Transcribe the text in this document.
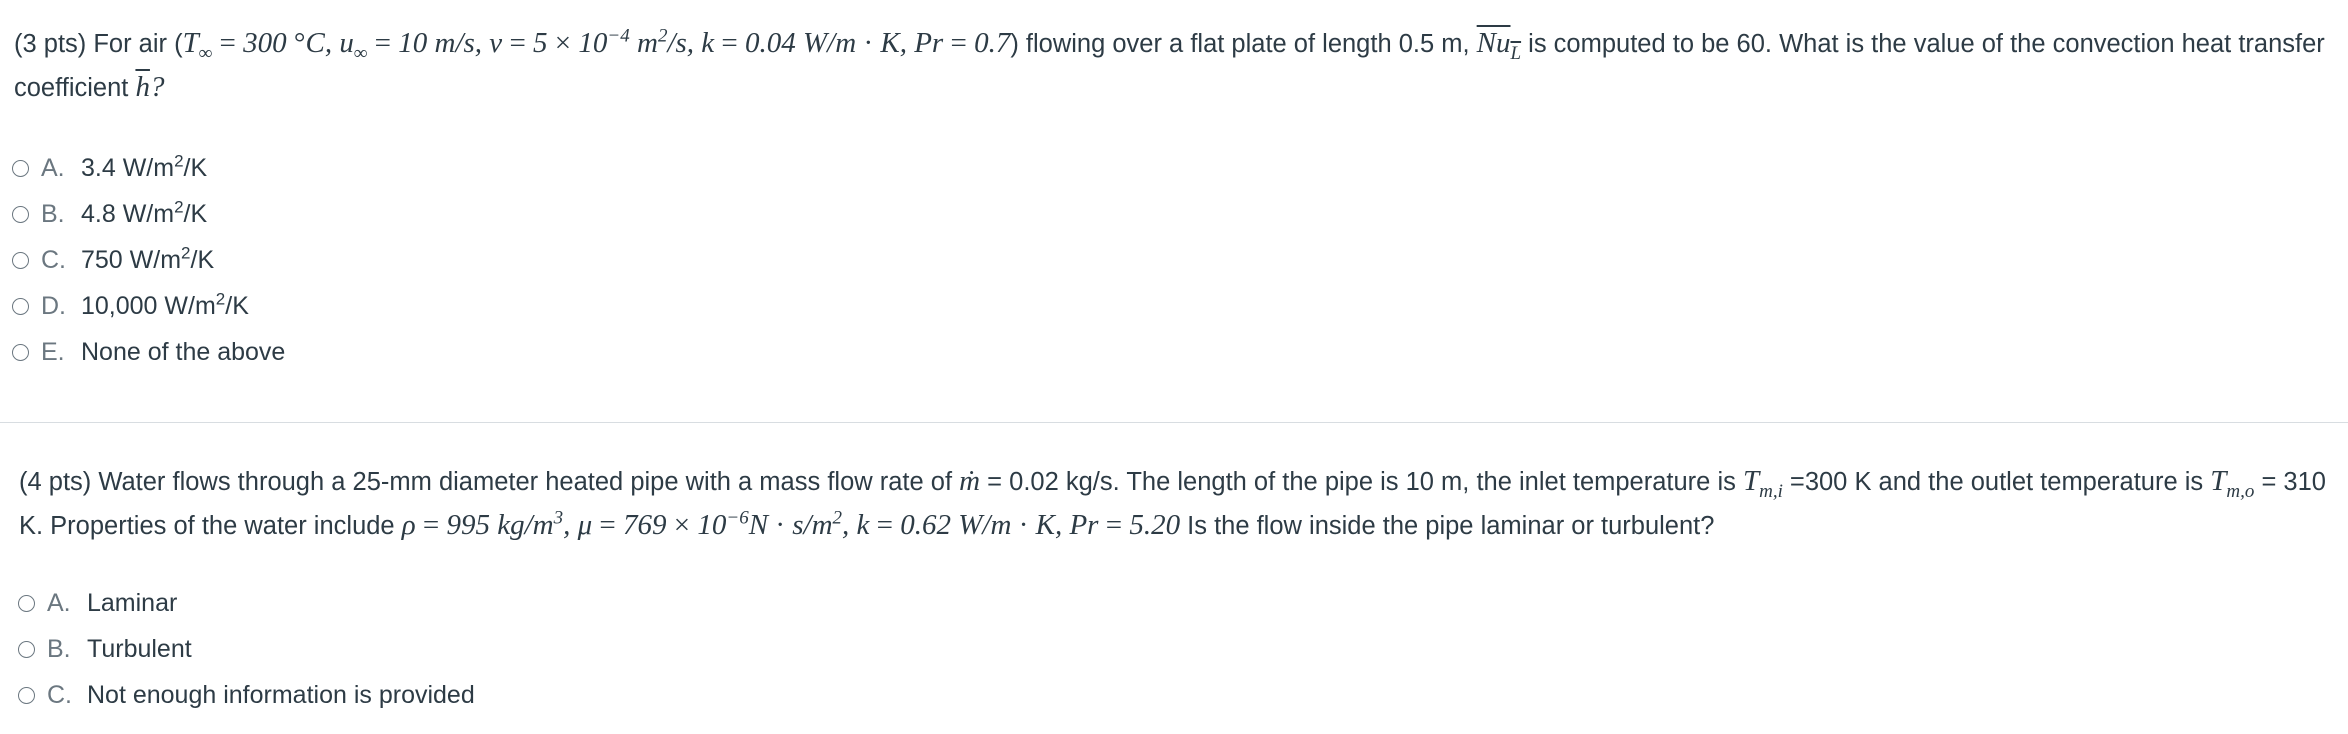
(3 pts) For air ($T_\infty = 300$ °C, $u_\infty = 10$ m/s, $\nu = 5 \times 10^{-4}$ $m^2/s$, k = 0.04 W/m · K, Pr = 0.7) flowing over a flat plate of length 0.5 m, $Nu_L$ is computed to be 60. What is the value of the convection heat transfer coefficient $\overline{h}$?
A. 3.4 $W/m^2/K$
B. 4.8 $W/m^2/K$
C. 750 $W/m^2/K$
D. 10,000 $W/m^2/K$
E. None of the above
(4 pts) Water flows through a 25-mm diameter heated pipe with a mass flow rate of ṁ = 0.02 kg/s. The length of the pipe is 10 m, the inlet temperature is $T_{m,i} =300$ K and the outlet temperature is $T_{m,o} = 310$ K. Properties of the water include ρ = 995 $kg/m^3$, $\mu = 769 \times 10^{-6}N \cdot s/m^2$, k = 0.62 W/m · K, Pr = 5.20 Is the flow inside the pipe laminar or turbulent?
A. Laminar
B. Turbulent
C. Not enough information is provided
